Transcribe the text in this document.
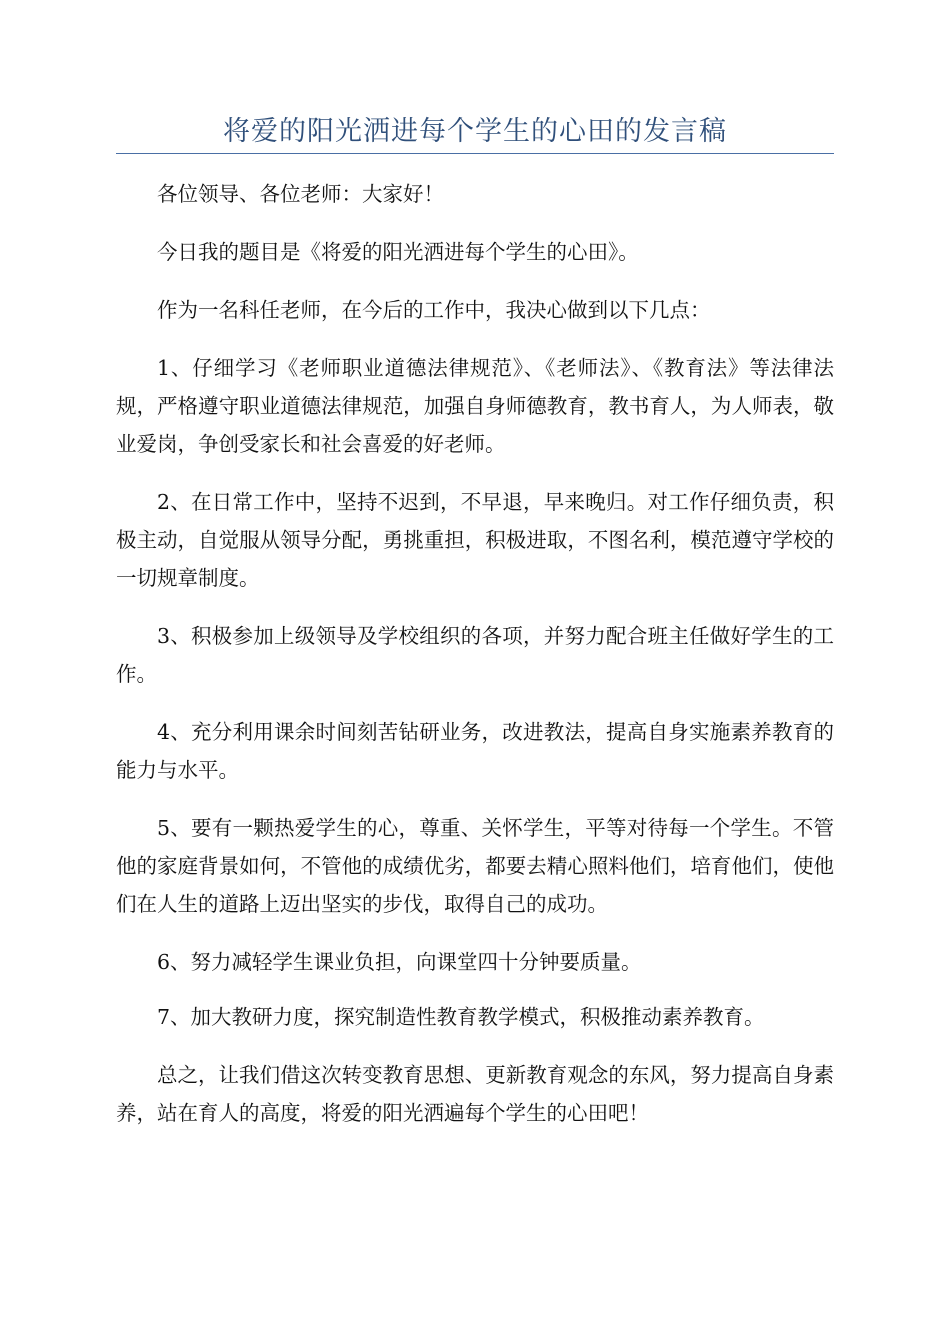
将爱的阳光洒进每个学生的心田的发言稿

各位领导、各位老师：大家好！

今日我的题目是《将爱的阳光洒进每个学生的心田》。

作为一名科任老师，在今后的工作中，我决心做到以下几点：

1、仔细学习《老师职业道德法律规范》、《老师法》、《教育法》等法律法规，严格遵守职业道德法律规范，加强自身师德教育，教书育人，为人师表，敬业爱岗，争创受家长和社会喜爱的好老师。

2、在日常工作中，坚持不迟到，不早退，早来晚归。对工作仔细负责，积极主动，自觉服从领导分配，勇挑重担，积极进取，不图名利，模范遵守学校的一切规章制度。

3、积极参加上级领导及学校组织的各项，并努力配合班主任做好学生的工作。

4、充分利用课余时间刻苦钻研业务，改进教法，提高自身实施素养教育的能力与水平。

5、要有一颗热爱学生的心，尊重、关怀学生，平等对待每一个学生。不管他的家庭背景如何，不管他的成绩优劣，都要去精心照料他们，培育他们，使他们在人生的道路上迈出坚实的步伐，取得自己的成功。

6、努力减轻学生课业负担，向课堂四十分钟要质量。

7、加大教研力度，探究制造性教育教学模式，积极推动素养教育。

总之，让我们借这次转变教育思想、更新教育观念的东风，努力提高自身素养，站在育人的高度，将爱的阳光洒遍每个学生的心田吧！
